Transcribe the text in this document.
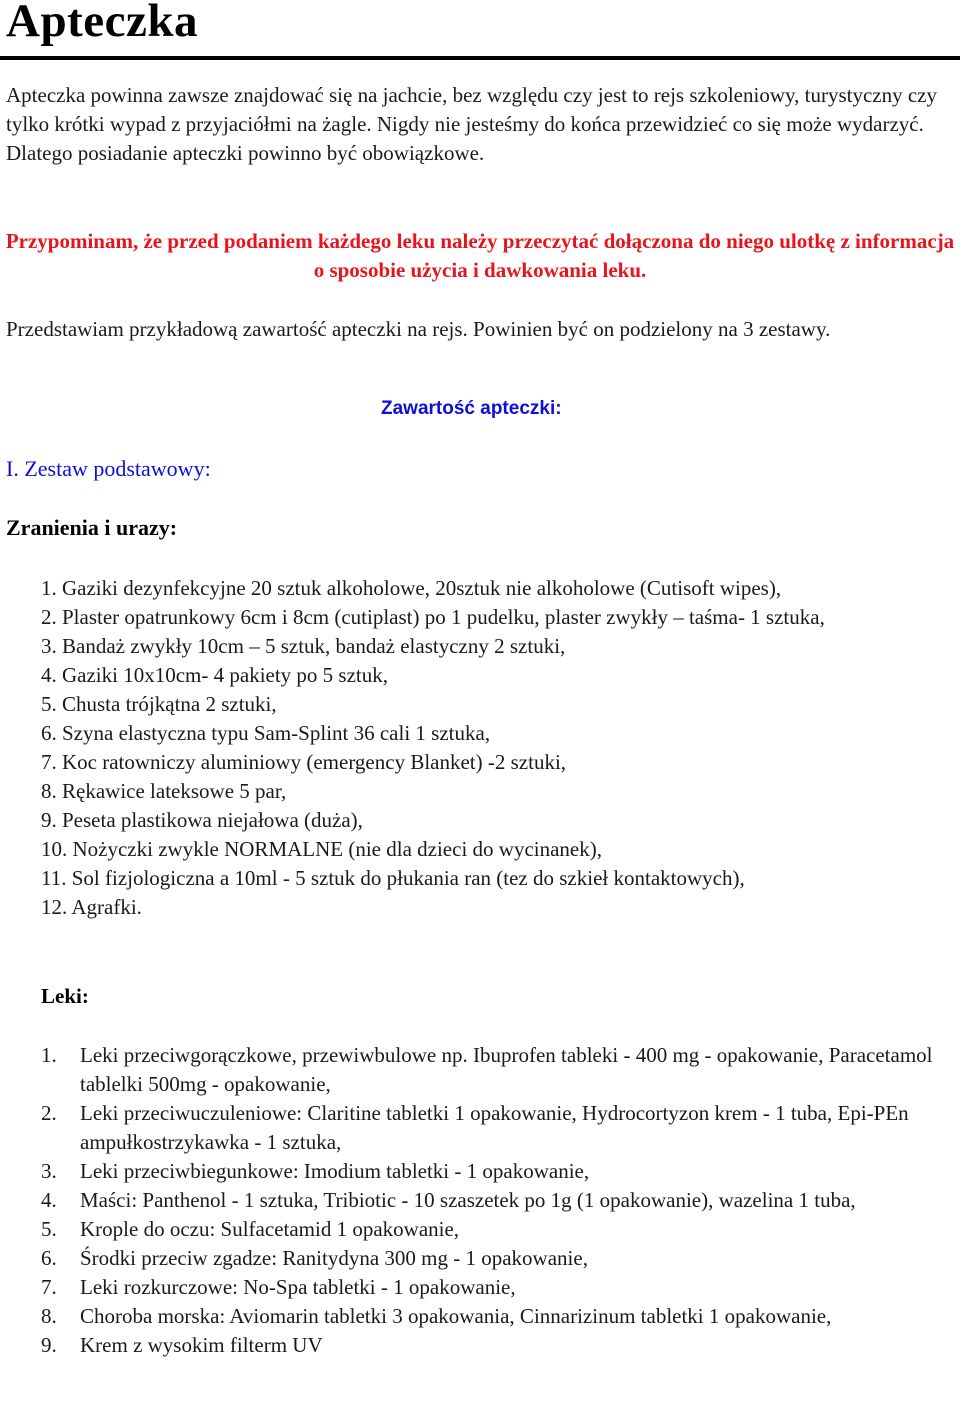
Apteczka

Apteczka powinna zawsze znajdować się na jachcie, bez względu czy jest to rejs szkoleniowy, turystyczny czy tylko krótki wypad z przyjaciółmi na żagle. Nigdy nie jesteśmy do końca przewidzieć co się może wydarzyć. Dlatego posiadanie apteczki powinno być obowiązkowe.

Przypominam, że przed podaniem każdego leku należy przeczytać dołączona do niego ulotkę z informacja o sposobie użycia i dawkowania leku.

Przedstawiam przykładową zawartość apteczki na rejs. Powinien być on podzielony na 3 zestawy.

Zawartość apteczki:
I. Zestaw podstawowy:
Zranienia i urazy:
1. Gaziki dezynfekcyjne 20 sztuk alkoholowe, 20sztuk nie alkoholowe (Cutisoft wipes),
2. Plaster opatrunkowy 6cm i 8cm (cutiplast) po 1 pudelku, plaster zwykły – taśma- 1 sztuka,
3. Bandaż zwykły 10cm – 5 sztuk, bandaż elastyczny 2 sztuki,
4. Gaziki 10x10cm- 4 pakiety po 5 sztuk,
5. Chusta trójkątna 2 sztuki,
6. Szyna elastyczna typu Sam-Splint 36 cali 1 sztuka,
7. Koc ratowniczy aluminiowy (emergency Blanket) -2 sztuki,
8. Rękawice lateksowe 5 par,
9. Peseta plastikowa niejałowa (duża),
10. Nożyczki zwykle NORMALNE (nie dla dzieci do wycinanek),
11. Sol fizjologiczna a 10ml - 5 sztuk do płukania ran (tez do szkieł kontaktowych),
12. Agrafki.
Leki:
1. Leki przeciwgorączkowe, przewiwbulowe np. Ibuprofen tableki - 400 mg - opakowanie, Paracetamol tablelki 500mg - opakowanie,
2. Leki przeciwuczuleniowe: Claritine tabletki 1 opakowanie, Hydrocortyzon krem - 1 tuba, Epi-PEn ampułkostrzykawka - 1 sztuka,
3. Leki przeciwbiegunkowe: Imodium tabletki - 1 opakowanie,
4. Maści: Panthenol - 1 sztuka, Tribiotic - 10 szaszetek po 1g (1 opakowanie), wazelina 1 tuba,
5. Krople do oczu: Sulfacetamid 1 opakowanie,
6. Środki przeciw zgadze: Ranitydyna 300 mg - 1 opakowanie,
7. Leki rozkurczowe: No-Spa tabletki - 1 opakowanie,
8. Choroba morska: Aviomarin tabletki 3 opakowania, Cinnarizinum tabletki 1 opakowanie,
9. Krem z wysokim filterm UV
